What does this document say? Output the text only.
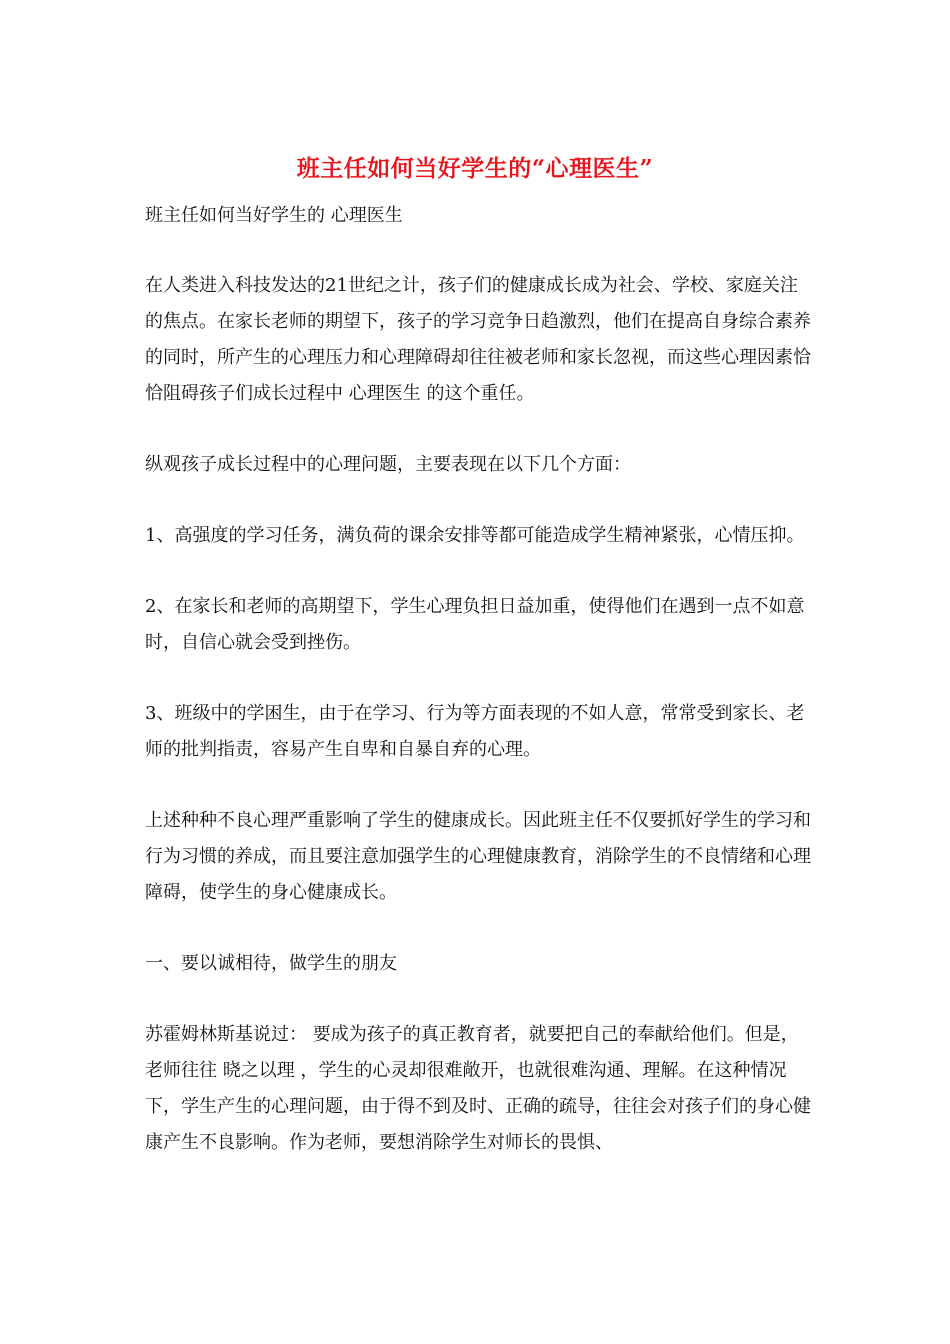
班主任如何当好学生的“心理医生”

班主任如何当好学生的 心理医生

在人类进入科技发达的21世纪之计，孩子们的健康成长成为社会、学校、家庭关注的焦点。在家长老师的期望下，孩子的学习竞争日趋激烈，他们在提高自身综合素养的同时，所产生的心理压力和心理障碍却往往被老师和家长忽视，而这些心理因素恰恰阻碍孩子们成长过程中 心理医生 的这个重任。

纵观孩子成长过程中的心理问题，主要表现在以下几个方面：

1、高强度的学习任务，满负荷的课余安排等都可能造成学生精神紧张，心情压抑。

2、在家长和老师的高期望下，学生心理负担日益加重，使得他们在遇到一点不如意时，自信心就会受到挫伤。

3、班级中的学困生，由于在学习、行为等方面表现的不如人意，常常受到家长、老师的批判指责，容易产生自卑和自暴自弃的心理。

上述种种不良心理严重影响了学生的健康成长。因此班主任不仅要抓好学生的学习和行为习惯的养成，而且要注意加强学生的心理健康教育，消除学生的不良情绪和心理障碍，使学生的身心健康成长。

一、要以诚相待，做学生的朋友

苏霍姆林斯基说过： 要成为孩子的真正教育者，就要把自己的奉献给他们。但是，老师往往 晓之以理 ，学生的心灵却很难敞开，也就很难沟通、理解。在这种情况下，学生产生的心理问题，由于得不到及时、正确的疏导，往往会对孩子们的身心健康产生不良影响。作为老师，要想消除学生对师长的畏惧、
